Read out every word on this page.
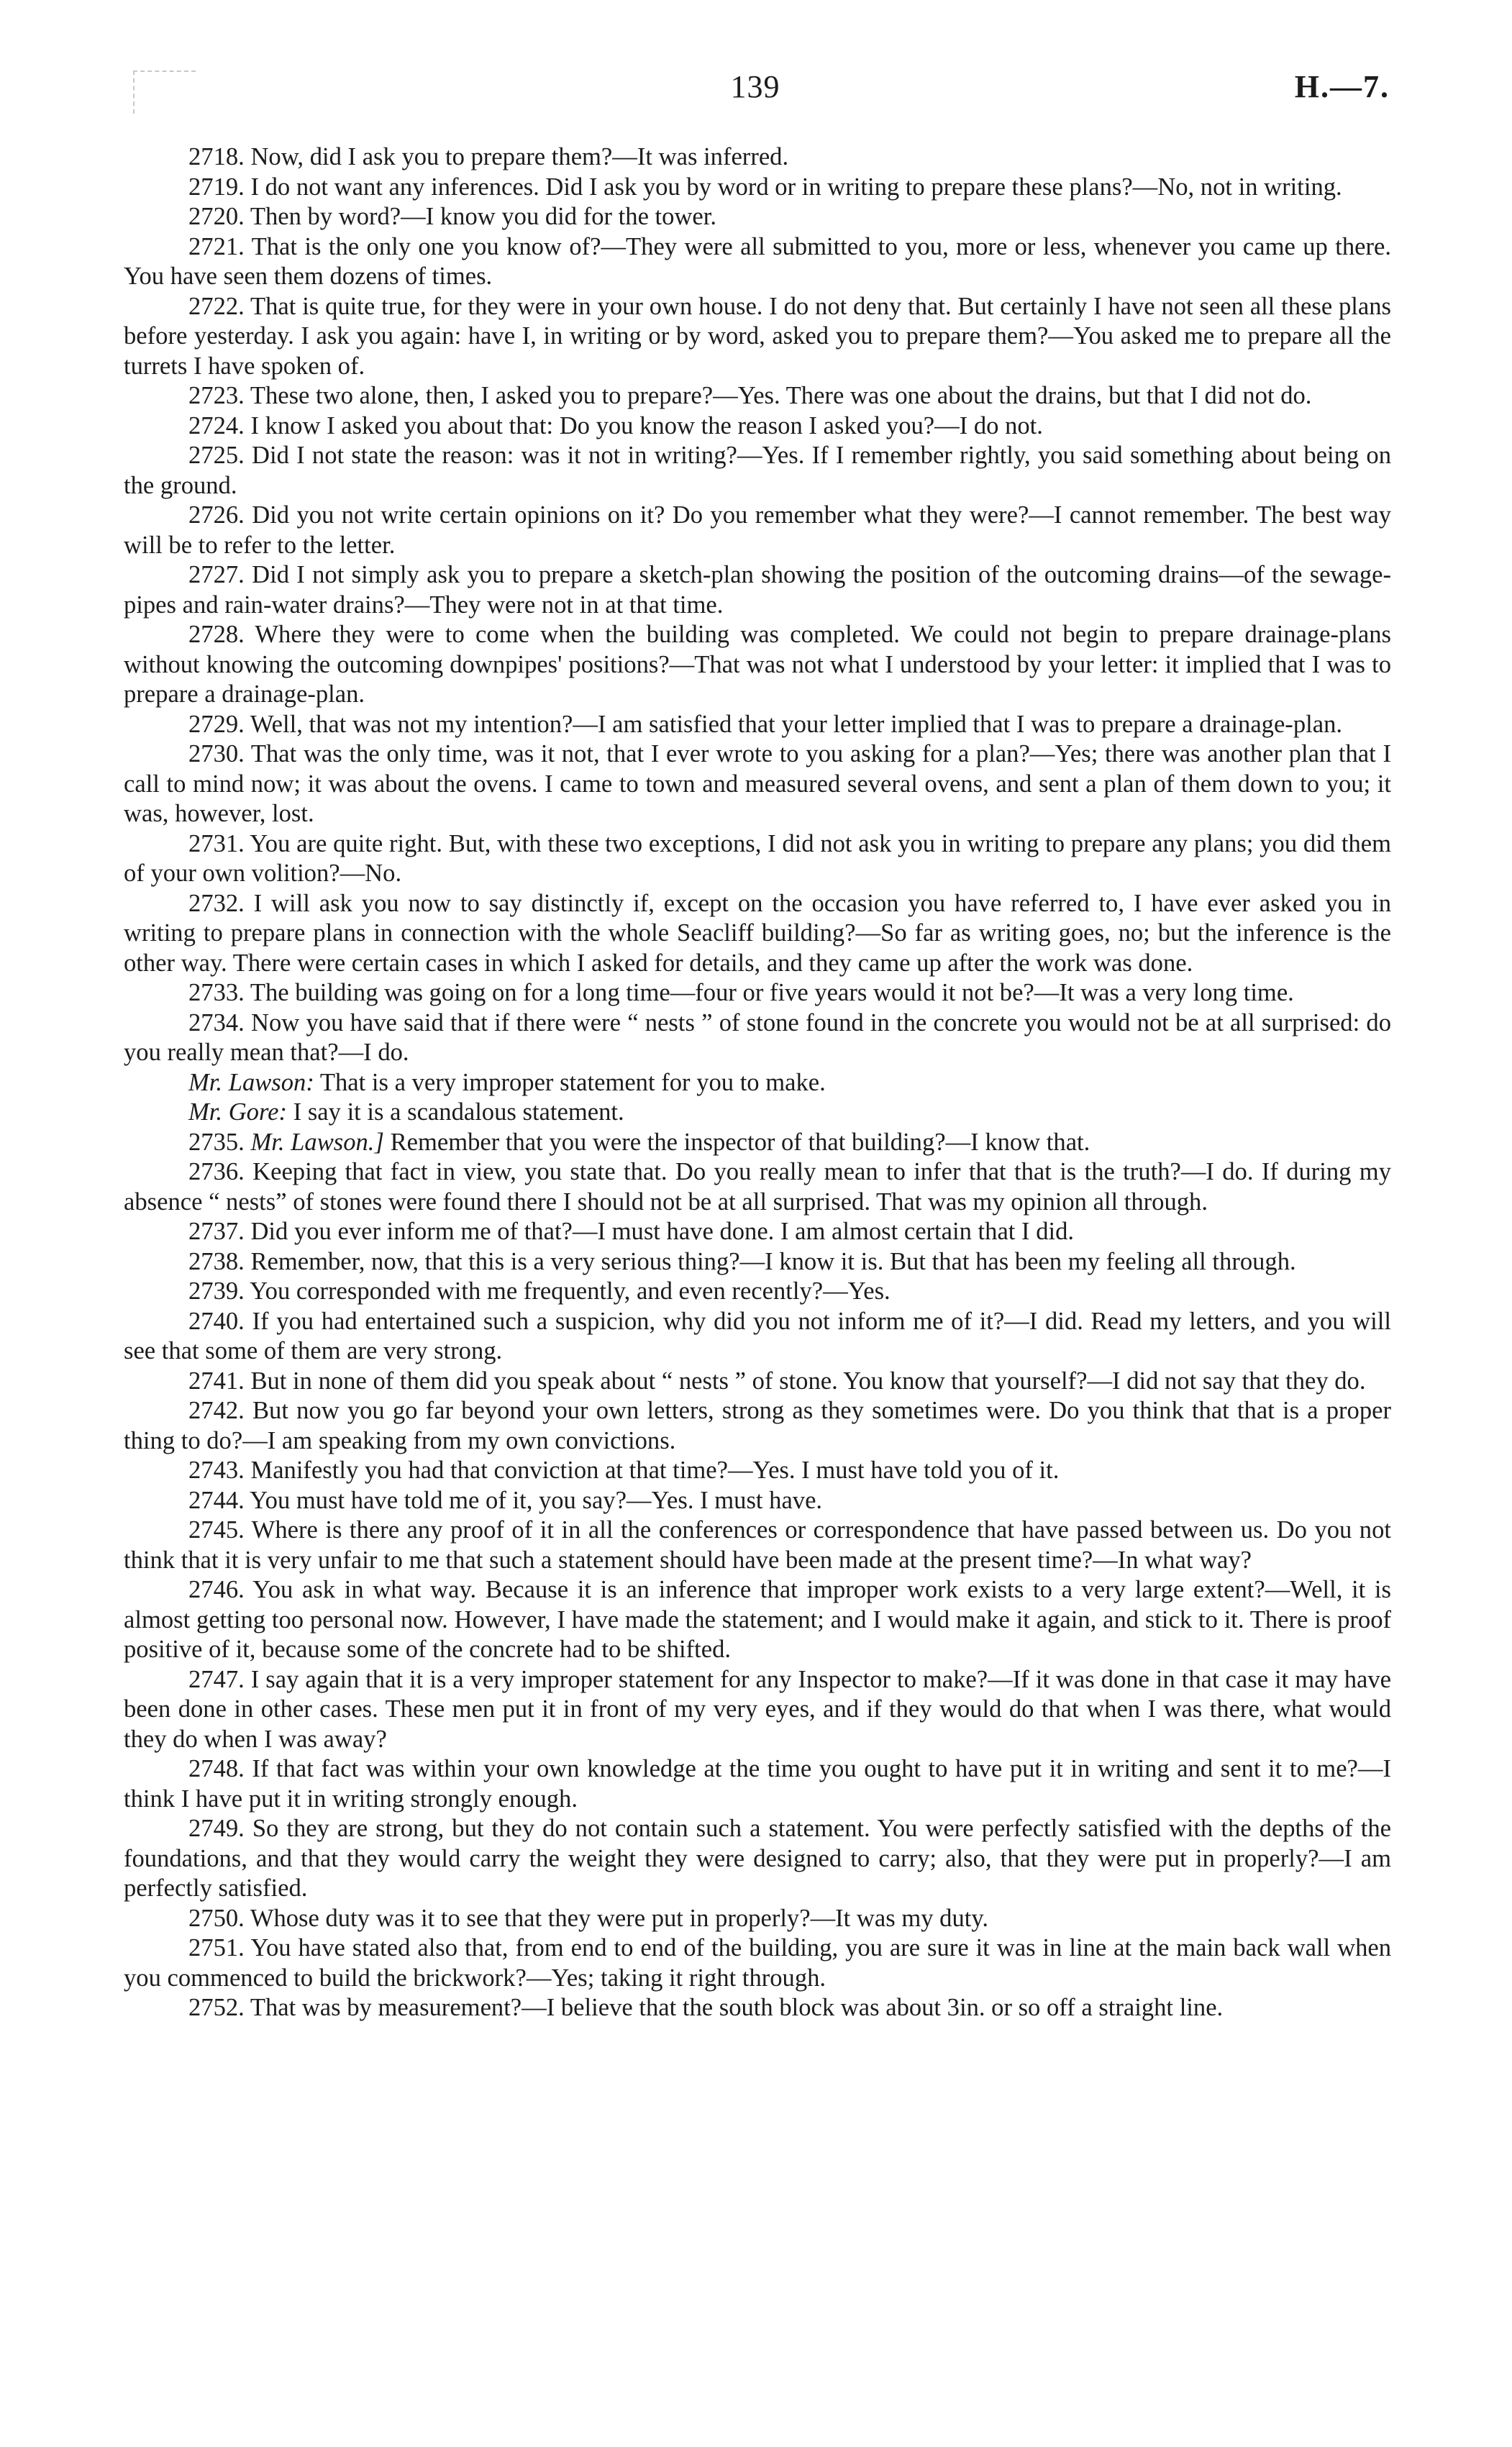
139	H.—7.

2718. Now, did I ask you to prepare them?—It was inferred.

2719. I do not want any inferences. Did I ask you by word or in writing to prepare these plans?—No, not in writing.

2720. Then by word?—I know you did for the tower.

2721. That is the only one you know of?—They were all submitted to you, more or less, whenever you came up there. You have seen them dozens of times.

2722. That is quite true, for they were in your own house. I do not deny that. But certainly I have not seen all these plans before yesterday. I ask you again: have I, in writing or by word, asked you to prepare them?—You asked me to prepare all the turrets I have spoken of.

2723. These two alone, then, I asked you to prepare?—Yes. There was one about the drains, but that I did not do.

2724. I know I asked you about that: Do you know the reason I asked you?—I do not.

2725. Did I not state the reason: was it not in writing?—Yes. If I remember rightly, you said something about being on the ground.

2726. Did you not write certain opinions on it? Do you remember what they were?—I cannot remember. The best way will be to refer to the letter.

2727. Did I not simply ask you to prepare a sketch-plan showing the position of the outcoming drains—of the sewage-pipes and rain-water drains?—They were not in at that time.

2728. Where they were to come when the building was completed. We could not begin to prepare drainage-plans without knowing the outcoming downpipes' positions?—That was not what I understood by your letter: it implied that I was to prepare a drainage-plan.

2729. Well, that was not my intention?—I am satisfied that your letter implied that I was to prepare a drainage-plan.

2730. That was the only time, was it not, that I ever wrote to you asking for a plan?—Yes; there was another plan that I call to mind now; it was about the ovens. I came to town and measured several ovens, and sent a plan of them down to you; it was, however, lost.

2731. You are quite right. But, with these two exceptions, I did not ask you in writing to prepare any plans; you did them of your own volition?—No.

2732. I will ask you now to say distinctly if, except on the occasion you have referred to, I have ever asked you in writing to prepare plans in connection with the whole Seacliff building?—So far as writing goes, no; but the inference is the other way. There were certain cases in which I asked for details, and they came up after the work was done.

2733. The building was going on for a long time—four or five years would it not be?—It was a very long time.

2734. Now you have said that if there were “ nests ” of stone found in the concrete you would not be at all surprised: do you really mean that?—I do.

Mr. Lawson: That is a very improper statement for you to make.

Mr. Gore: I say it is a scandalous statement.

2735. Mr. Lawson.] Remember that you were the inspector of that building?—I know that.

2736. Keeping that fact in view, you state that. Do you really mean to infer that that is the truth?—I do. If during my absence “ nests” of stones were found there I should not be at all surprised. That was my opinion all through.

2737. Did you ever inform me of that?—I must have done. I am almost certain that I did.

2738. Remember, now, that this is a very serious thing?—I know it is. But that has been my feeling all through.

2739. You corresponded with me frequently, and even recently?—Yes.

2740. If you had entertained such a suspicion, why did you not inform me of it?—I did. Read my letters, and you will see that some of them are very strong.

2741. But in none of them did you speak about “ nests ” of stone. You know that yourself?—I did not say that they do.

2742. But now you go far beyond your own letters, strong as they sometimes were. Do you think that that is a proper thing to do?—I am speaking from my own convictions.

2743. Manifestly you had that conviction at that time?—Yes. I must have told you of it.

2744. You must have told me of it, you say?—Yes. I must have.

2745. Where is there any proof of it in all the conferences or correspondence that have passed between us. Do you not think that it is very unfair to me that such a statement should have been made at the present time?—In what way?

2746. You ask in what way. Because it is an inference that improper work exists to a very large extent?—Well, it is almost getting too personal now. However, I have made the statement; and I would make it again, and stick to it. There is proof positive of it, because some of the concrete had to be shifted.

2747. I say again that it is a very improper statement for any Inspector to make?—If it was done in that case it may have been done in other cases. These men put it in front of my very eyes, and if they would do that when I was there, what would they do when I was away?

2748. If that fact was within your own knowledge at the time you ought to have put it in writing and sent it to me?—I think I have put it in writing strongly enough.

2749. So they are strong, but they do not contain such a statement. You were perfectly satisfied with the depths of the foundations, and that they would carry the weight they were designed to carry; also, that they were put in properly?—I am perfectly satisfied.

2750. Whose duty was it to see that they were put in properly?—It was my duty.

2751. You have stated also that, from end to end of the building, you are sure it was in line at the main back wall when you commenced to build the brickwork?—Yes; taking it right through.

2752. That was by measurement?—I believe that the south block was about 3in. or so off a straight line.
